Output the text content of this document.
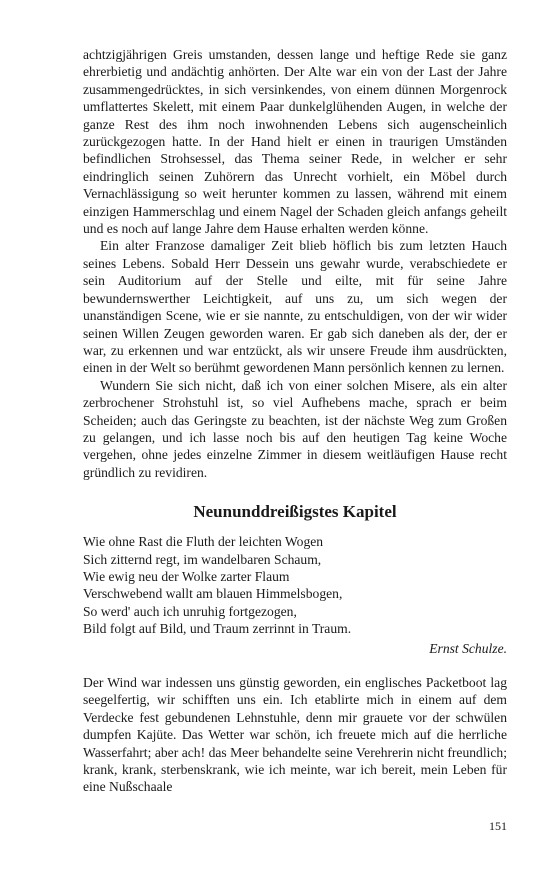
achtzigjährigen Greis umstanden, dessen lange und heftige Rede sie ganz ehrerbietig und andächtig anhörten. Der Alte war ein von der Last der Jahre zusammengedrücktes, in sich versinkendes, von einem dünnen Morgenrock umflattertes Skelett, mit einem Paar dunkelglühenden Augen, in welche der ganze Rest des ihm noch inwohnenden Lebens sich augenscheinlich zurückgezogen hatte. In der Hand hielt er einen in traurigen Umständen befindlichen Strohsessel, das Thema seiner Rede, in welcher er sehr eindringlich seinen Zuhörern das Unrecht vorhielt, ein Möbel durch Vernachlässigung so weit herunter kommen zu lassen, während mit einem einzigen Hammerschlag und einem Nagel der Schaden gleich anfangs geheilt und es noch auf lange Jahre dem Hause erhalten werden könne.

Ein alter Franzose damaliger Zeit blieb höflich bis zum letzten Hauch seines Lebens. Sobald Herr Dessein uns gewahr wurde, verabschiedete er sein Auditorium auf der Stelle und eilte, mit für seine Jahre bewundernswerther Leichtigkeit, auf uns zu, um sich wegen der unanständigen Scene, wie er sie nannte, zu entschuldigen, von der wir wider seinen Willen Zeugen geworden waren. Er gab sich daneben als der, der er war, zu erkennen und war entzückt, als wir unsere Freude ihm ausdrückten, einen in der Welt so berühmt gewordenen Mann persönlich kennen zu lernen.

Wundern Sie sich nicht, daß ich von einer solchen Misere, als ein alter zerbrochener Strohstuhl ist, so viel Aufhebens mache, sprach er beim Scheiden; auch das Geringste zu beachten, ist der nächste Weg zum Großen zu gelangen, und ich lasse noch bis auf den heutigen Tag keine Woche vergehen, ohne jedes einzelne Zimmer in diesem weitläufigen Hause recht gründlich zu revidiren.

Neununddreißigstes Kapitel
Wie ohne Rast die Fluth der leichten Wogen
Sich zitternd regt, im wandelbaren Schaum,
Wie ewig neu der Wolke zarter Flaum
Verschwebend wallt am blauen Himmelsbogen,
So werd' auch ich unruhig fortgezogen,
Bild folgt auf Bild, und Traum zerrinnt in Traum.
Ernst Schulze.

Der Wind war indessen uns günstig geworden, ein englisches Packetboot lag seegelfertig, wir schifften uns ein. Ich etablirte mich in einem auf dem Verdecke fest gebundenen Lehnstuhle, denn mir grauete vor der schwülen dumpfen Kajüte. Das Wetter war schön, ich freuete mich auf die herrliche Wasserfahrt; aber ach! das Meer behandelte seine Verehrerin nicht freundlich; krank, krank, sterbenskrank, wie ich meinte, war ich bereit, mein Leben für eine Nußschaale

151
